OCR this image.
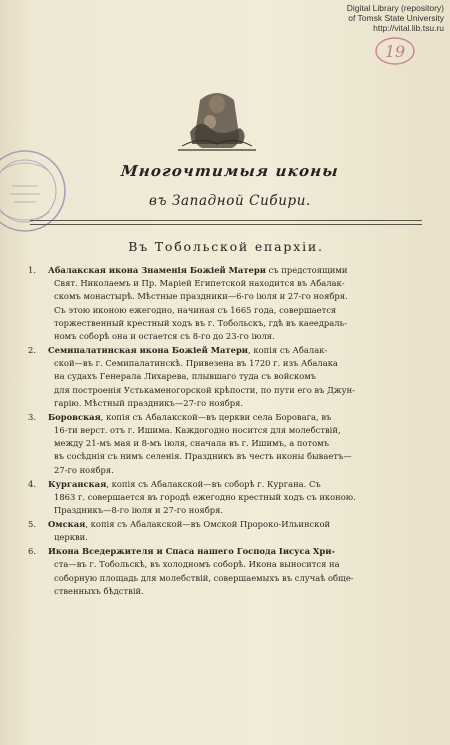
Digital Library (repository)
of Tomsk State University
http://vital.lib.tsu.ru
19
Многочтимыя иконы
въ Западной Сибири.
Въ Тобольской епархіи.
1. Абалакская икона Знаменія Божіей Матери съ предстоящими
Свят. Николаемъ и Пр. Маріей Египетской находится въ Абалак-
скомъ монастырѣ. Мѣстные праздники—6-го іюля и 27-го ноября.
Съ этою иконою ежегодно, начиная съ 1665 года, совершается
торжественный крестный ходъ въ г. Тобольскъ, гдѣ въ каеедраль-
номъ соборѣ она и остается съ 8-го до 23-го іюля.
2. Семипалатинская икона Божіей Матери, копія съ Абалак-
ской—въ г. Семипалатинскѣ. Привезена въ 1720 г. изъ Абалака
на судахъ Генерала Лихарева, плывшаго туда съ войскомъ
для построенія Устькаменогорской крѣпости, по пути его въ Джун-
гарію. Мѣстный праздникъ—27-го ноября.
3. Боровская, копія съ Абалакской—въ церкви села Боровага, въ
16-ти верст. отъ г. Ишима. Каждогодно носится для молебствій,
между 21-мъ мая и 8-мъ іюля, сначала въ г. Ишимъ, а потомъ
въ сосѣднія съ нимъ селенія. Праздникъ въ честь иконы бываетъ—
27-го ноября.
4. Курганская, копія съ Абалакской—въ соборѣ г. Кургана. Съ
1863 г. совершается въ городѣ ежегодно крестный ходъ съ иконою.
Праздникъ—8-го іюля и 27-го ноября.
5. Омская, копія съ Абалакской—въ Омской Пророко-Ильинской
церкви.
6. Икона Вседержителя и Спаса нашего Господа Іисуса Хри-
ста—въ г. Тобольскѣ, въ холодномъ соборѣ. Икона выносится на
соборную площадь для молебствій, совершаемыхъ въ случаѣ обще-
ственныхъ бѣдствій.
